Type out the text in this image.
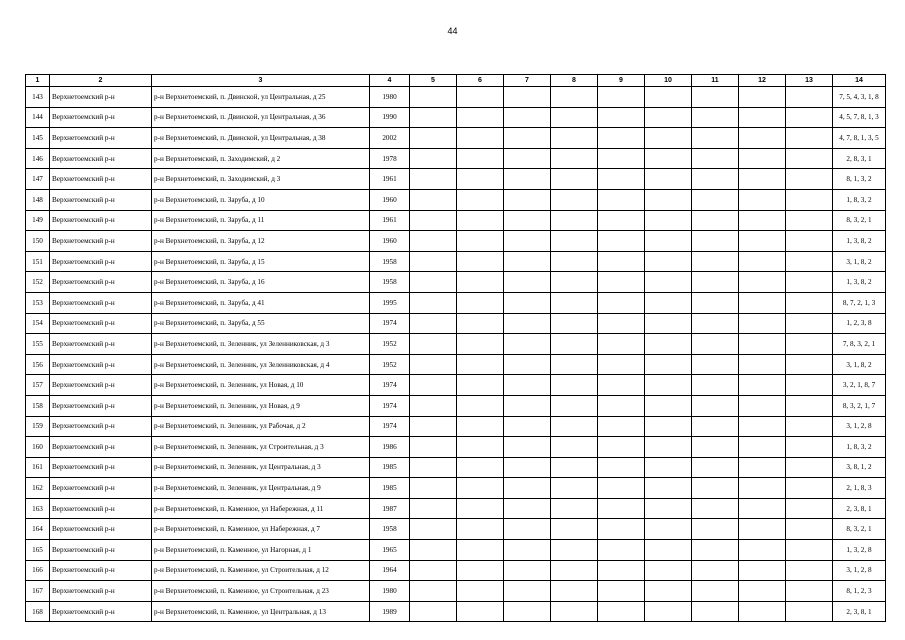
44
1	2	3	4	5	6	7	8	9	10	11	12	13	14
143	Верхнетоемский р-н	р-н Верхнетоемский, п. Двинской, ул Центральная, д 25	1980										7, 5, 4, 3, 1, 8
144	Верхнетоемский р-н	р-н Верхнетоемский, п. Двинской, ул Центральная, д 36	1990										4, 5, 7, 8, 1, 3
145	Верхнетоемский р-н	р-н Верхнетоемский, п. Двинской, ул Центральная, д 38	2002										4, 7, 8, 1, 3, 5
146	Верхнетоемский р-н	р-н Верхнетоемский, п. Заходимский, д 2	1978										2, 8, 3, 1
147	Верхнетоемский р-н	р-н Верхнетоемский, п. Заходимский, д 3	1961										8, 1, 3, 2
148	Верхнетоемский р-н	р-н Верхнетоемский, п. Заруба, д 10	1960										1, 8, 3, 2
149	Верхнетоемский р-н	р-н Верхнетоемский, п. Заруба, д 11	1961										8, 3, 2, 1
150	Верхнетоемский р-н	р-н Верхнетоемский, п. Заруба, д 12	1960										1, 3, 8, 2
151	Верхнетоемский р-н	р-н Верхнетоемский, п. Заруба, д 15	1958										3, 1, 8, 2
152	Верхнетоемский р-н	р-н Верхнетоемский, п. Заруба, д 16	1958										1, 3, 8, 2
153	Верхнетоемский р-н	р-н Верхнетоемский, п. Заруба, д 41	1995										8, 7, 2, 1, 3
154	Верхнетоемский р-н	р-н Верхнетоемский, п. Заруба, д 55	1974										1, 2, 3, 8
155	Верхнетоемский р-н	р-н Верхнетоемский, п. Зеленник, ул Зеленниковская, д 3	1952										7, 8, 3, 2, 1
156	Верхнетоемский р-н	р-н Верхнетоемский, п. Зеленник, ул Зеленниковская, д 4	1952										3, 1, 8, 2
157	Верхнетоемский р-н	р-н Верхнетоемский, п. Зеленник, ул Новая, д 10	1974										3, 2, 1, 8, 7
158	Верхнетоемский р-н	р-н Верхнетоемский, п. Зеленник, ул Новая, д 9	1974										8, 3, 2, 1, 7
159	Верхнетоемский р-н	р-н Верхнетоемский, п. Зеленник, ул Рабочая, д 2	1974										3, 1, 2, 8
160	Верхнетоемский р-н	р-н Верхнетоемский, п. Зеленник, ул Строительная, д 3	1986										1, 8, 3, 2
161	Верхнетоемский р-н	р-н Верхнетоемский, п. Зеленник, ул Центральная, д 3	1985										3, 8, 1, 2
162	Верхнетоемский р-н	р-н Верхнетоемский, п. Зеленник, ул Центральная, д 9	1985										2, 1, 8, 3
163	Верхнетоемский р-н	р-н Верхнетоемский, п. Каменное, ул Набережная, д 11	1987										2, 3, 8, 1
164	Верхнетоемский р-н	р-н Верхнетоемский, п. Каменное, ул Набережная, д 7	1958										8, 3, 2, 1
165	Верхнетоемский р-н	р-н Верхнетоемский, п. Каменное, ул Нагорная, д 1	1965										1, 3, 2, 8
166	Верхнетоемский р-н	р-н Верхнетоемский, п. Каменное, ул Строительная, д 12	1964										3, 1, 2, 8
167	Верхнетоемский р-н	р-н Верхнетоемский, п. Каменное, ул Строительная, д 23	1980										8, 1, 2, 3
168	Верхнетоемский р-н	р-н Верхнетоемский, п. Каменное, ул Центральная, д 13	1989										2, 3, 8, 1
